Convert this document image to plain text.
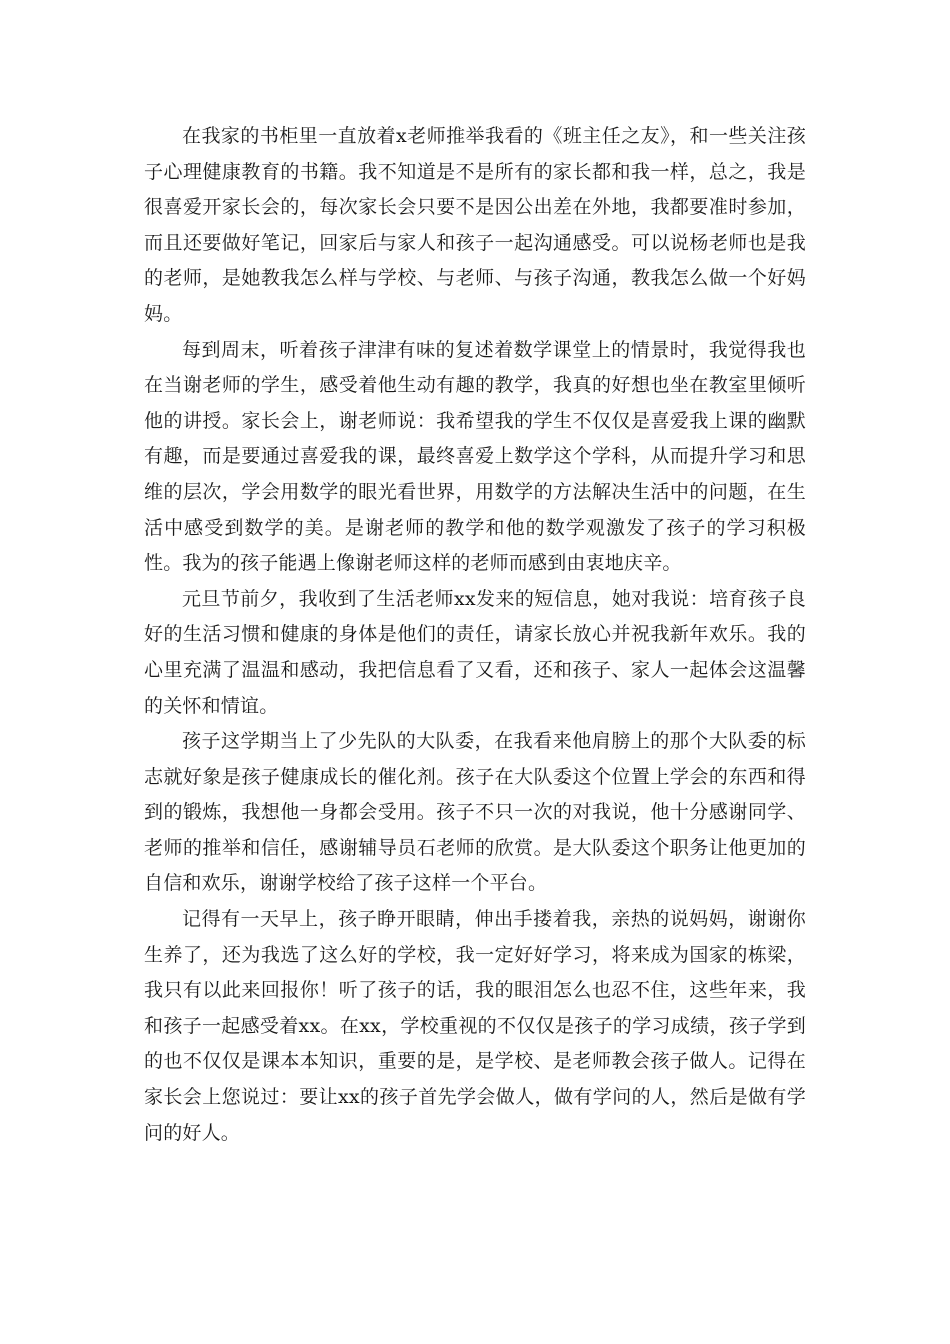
在我家的书柜里一直放着x老师推举我看的《班主任之友》，和一些关注孩子心理健康教育的书籍。我不知道是不是所有的家长都和我一样，总之，我是很喜爱开家长会的，每次家长会只要不是因公出差在外地，我都要准时参加，而且还要做好笔记，回家后与家人和孩子一起沟通感受。可以说杨老师也是我的老师，是她教我怎么样与学校、与老师、与孩子沟通，教我怎么做一个好妈妈。

每到周末，听着孩子津津有味的复述着数学课堂上的情景时，我觉得我也在当谢老师的学生，感受着他生动有趣的教学，我真的好想也坐在教室里倾听他的讲授。家长会上，谢老师说：我希望我的学生不仅仅是喜爱我上课的幽默有趣，而是要通过喜爱我的课，最终喜爱上数学这个学科，从而提升学习和思维的层次，学会用数学的眼光看世界，用数学的方法解决生活中的问题，在生活中感受到数学的美。是谢老师的教学和他的数学观激发了孩子的学习积极性。我为的孩子能遇上像谢老师这样的老师而感到由衷地庆辛。

元旦节前夕，我收到了生活老师xx发来的短信息，她对我说：培育孩子良好的生活习惯和健康的身体是他们的责任，请家长放心并祝我新年欢乐。我的心里充满了温温和感动，我把信息看了又看，还和孩子、家人一起体会这温馨的关怀和情谊。

孩子这学期当上了少先队的大队委，在我看来他肩膀上的那个大队委的标志就好象是孩子健康成长的催化剂。孩子在大队委这个位置上学会的东西和得到的锻炼，我想他一身都会受用。孩子不只一次的对我说，他十分感谢同学、老师的推举和信任，感谢辅导员石老师的欣赏。是大队委这个职务让他更加的自信和欢乐，谢谢学校给了孩子这样一个平台。

记得有一天早上，孩子睁开眼睛，伸出手搂着我，亲热的说妈妈，谢谢你生养了，还为我选了这么好的学校，我一定好好学习，将来成为国家的栋梁，我只有以此来回报你！听了孩子的话，我的眼泪怎么也忍不住，这些年来，我和孩子一起感受着xx。在xx，学校重视的不仅仅是孩子的学习成绩，孩子学到的也不仅仅是课本本知识，重要的是，是学校、是老师教会孩子做人。记得在家长会上您说过：要让xx的孩子首先学会做人，做有学问的人，然后是做有学问的好人。
